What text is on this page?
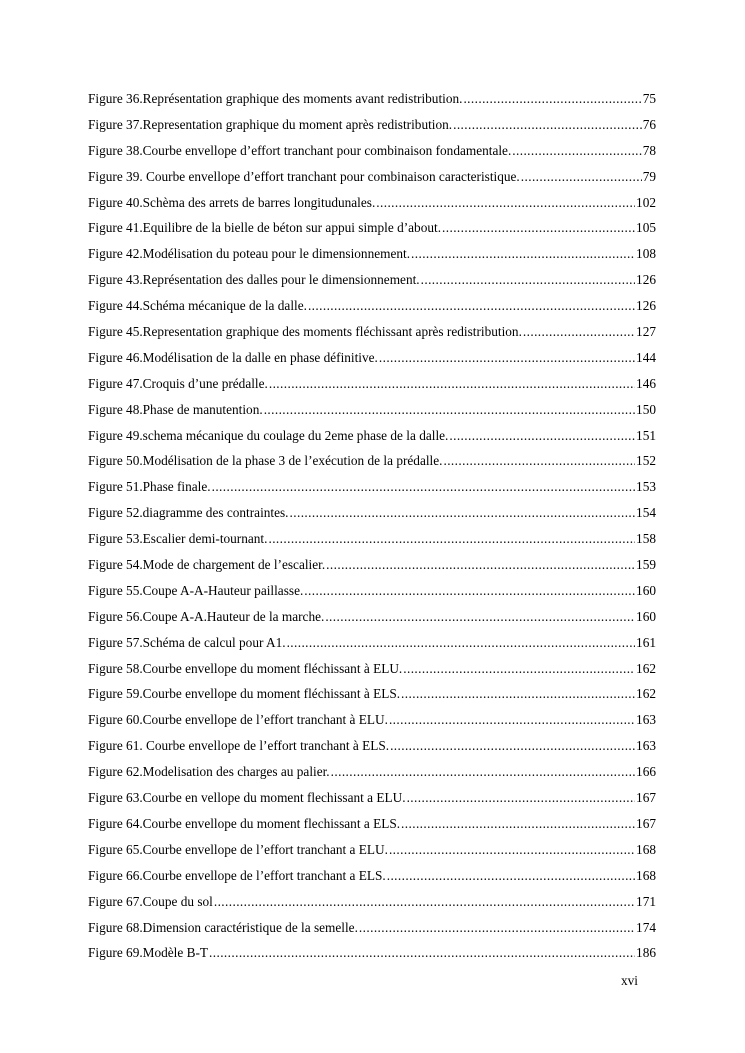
Figure 36.Représentation graphique des moments avant redistribution. .....	75
Figure 37.Representation graphique du moment après redistribution. .....	76
Figure 38.Courbe envellope d’effort tranchant pour combinaison fondamentale. .....	78
Figure 39. Courbe envellope d’effort tranchant pour combinaison caracteristique. .....	79
Figure 40.Schèma des arrets de barres longitudunales. .....	102
Figure 41.Equilibre de la bielle de béton sur appui simple d’about. .....	105
Figure 42.Modélisation du poteau pour le dimensionnement. .....	108
Figure 43.Représentation des dalles pour le dimensionnement. .....	126
Figure 44.Schéma mécanique de la dalle. .....	126
Figure 45.Representation graphique des moments fléchissant après redistribution. .....	127
Figure 46.Modélisation de la dalle en phase définitive. .....	144
Figure 47.Croquis d’une prédalle. .....	146
Figure 48.Phase de manutention. .....	150
Figure 49.schema mécanique du coulage du 2eme phase de la dalle. .....	151
Figure 50.Modélisation de la phase 3 de l’exécution de la prédalle. .....	152
Figure 51.Phase finale. .....	153
Figure 52.diagramme des contraintes. .....	154
Figure 53.Escalier demi-tournant. .....	158
Figure 54.Mode de chargement de l’escalier. .....	159
Figure 55.Coupe A-A-Hauteur paillasse. .....	160
Figure 56.Coupe A-A.Hauteur de la marche. .....	160
Figure 57.Schéma de calcul pour A1. .....	161
Figure 58.Courbe envellope du moment fléchissant à ELU. .....	162
Figure 59.Courbe envellope du moment fléchissant à ELS. .....	162
Figure 60.Courbe envellope de l’effort tranchant à ELU. .....	163
Figure 61. Courbe envellope de l’effort tranchant à ELS. .....	163
Figure 62.Modelisation des charges au palier. .....	166
Figure 63.Courbe en vellope du moment flechissant a ELU. .....	167
Figure 64.Courbe envellope du moment flechissant a ELS. .....	167
Figure 65.Courbe envellope de l’effort tranchant a ELU. .....	168
Figure 66.Courbe envellope de l’effort tranchant a ELS. .....	168
Figure 67.Coupe du sol .....	171
Figure 68.Dimension caractéristique de la semelle. .....	174
Figure 69.Modèle B-T .....	186
xvi
